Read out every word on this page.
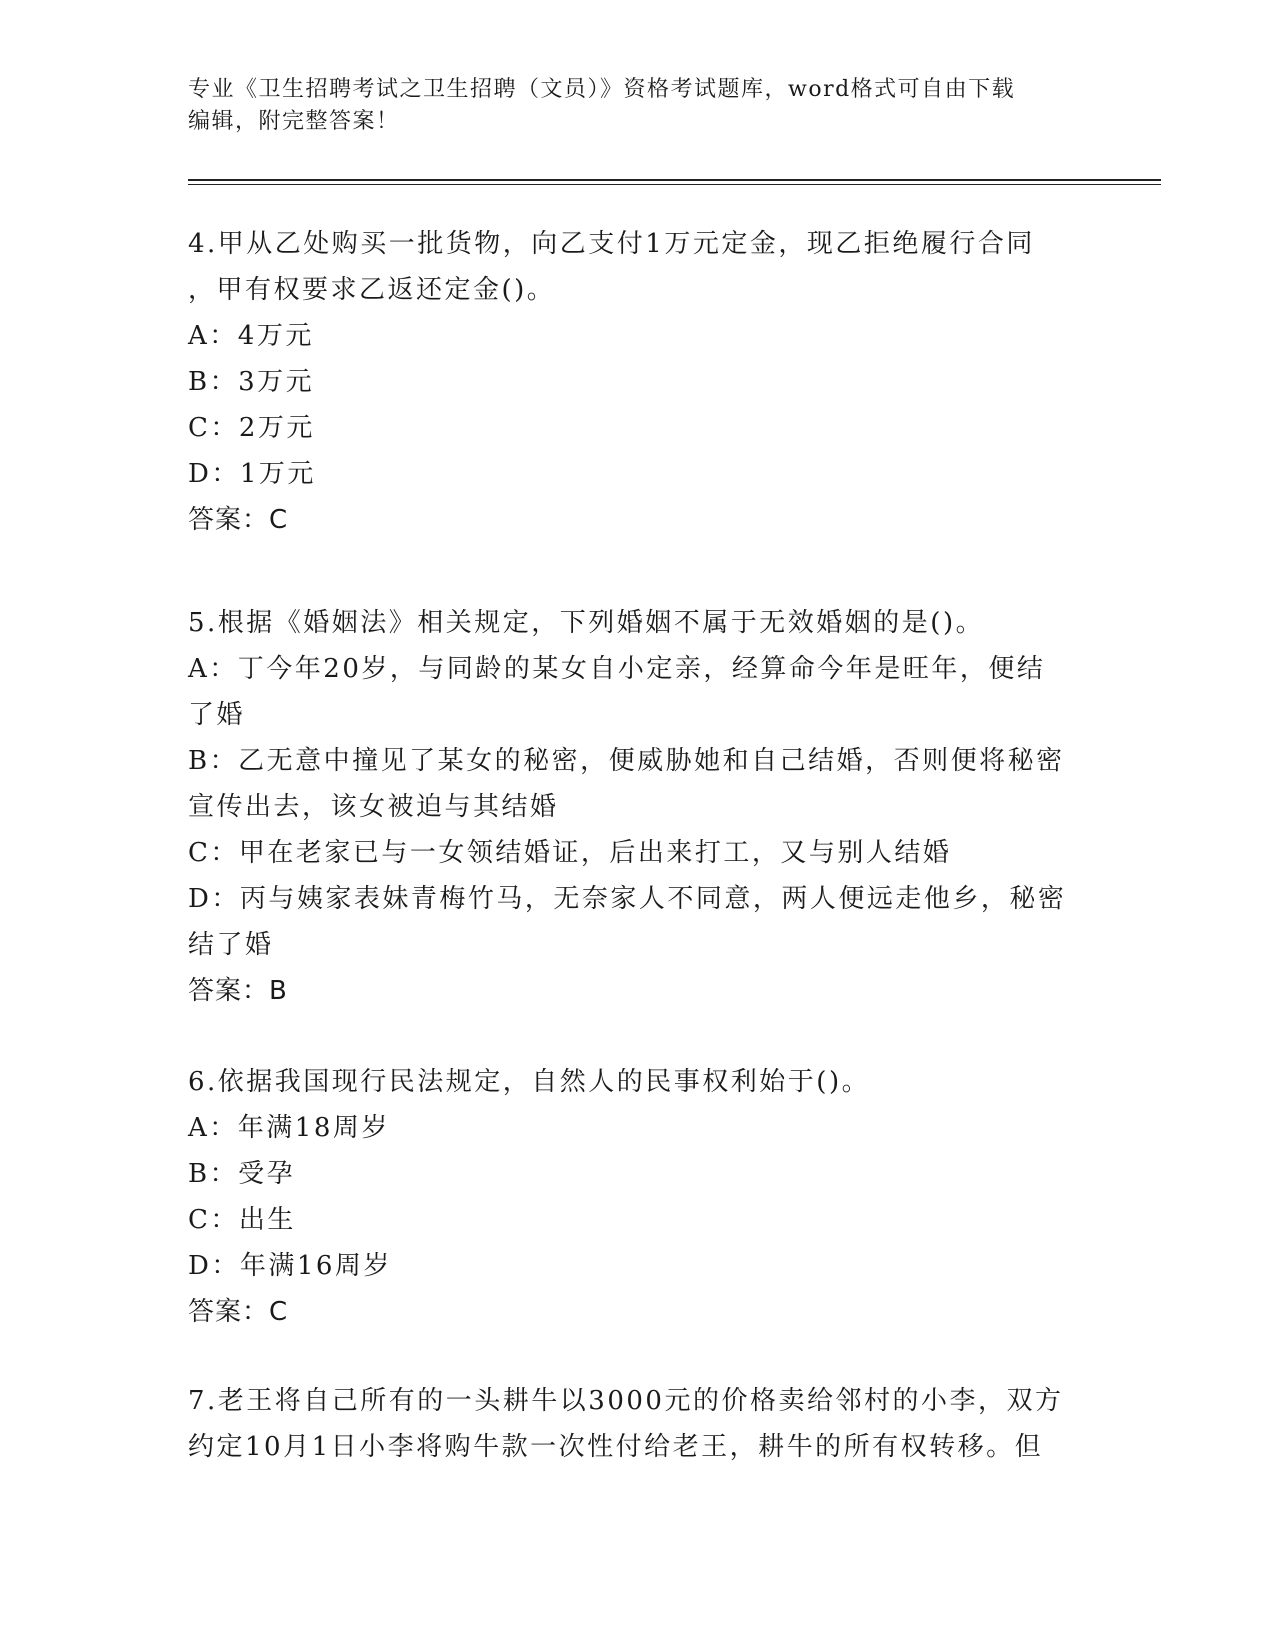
专业《卫生招聘考试之卫生招聘（文员）》资格考试题库，word格式可自由下载
编辑，附完整答案！
4.甲从乙处购买一批货物，向乙支付1万元定金，现乙拒绝履行合同
，甲有权要求乙返还定金()。
A：4万元
B：3万元
C：2万元
D：1万元
答案：C
5.根据《婚姻法》相关规定，下列婚姻不属于无效婚姻的是()。
A：丁今年20岁，与同龄的某女自小定亲，经算命今年是旺年，便结
了婚
B：乙无意中撞见了某女的秘密，便威胁她和自己结婚，否则便将秘密
宣传出去，该女被迫与其结婚
C：甲在老家已与一女领结婚证，后出来打工，又与别人结婚
D：丙与姨家表妹青梅竹马，无奈家人不同意，两人便远走他乡，秘密
结了婚
答案：B
6.依据我国现行民法规定，自然人的民事权利始于()。
A：年满18周岁
B：受孕
C：出生
D：年满16周岁
答案：C
7.老王将自己所有的一头耕牛以3000元的价格卖给邻村的小李，双方
约定10月1日小李将购牛款一次性付给老王，耕牛的所有权转移。但
